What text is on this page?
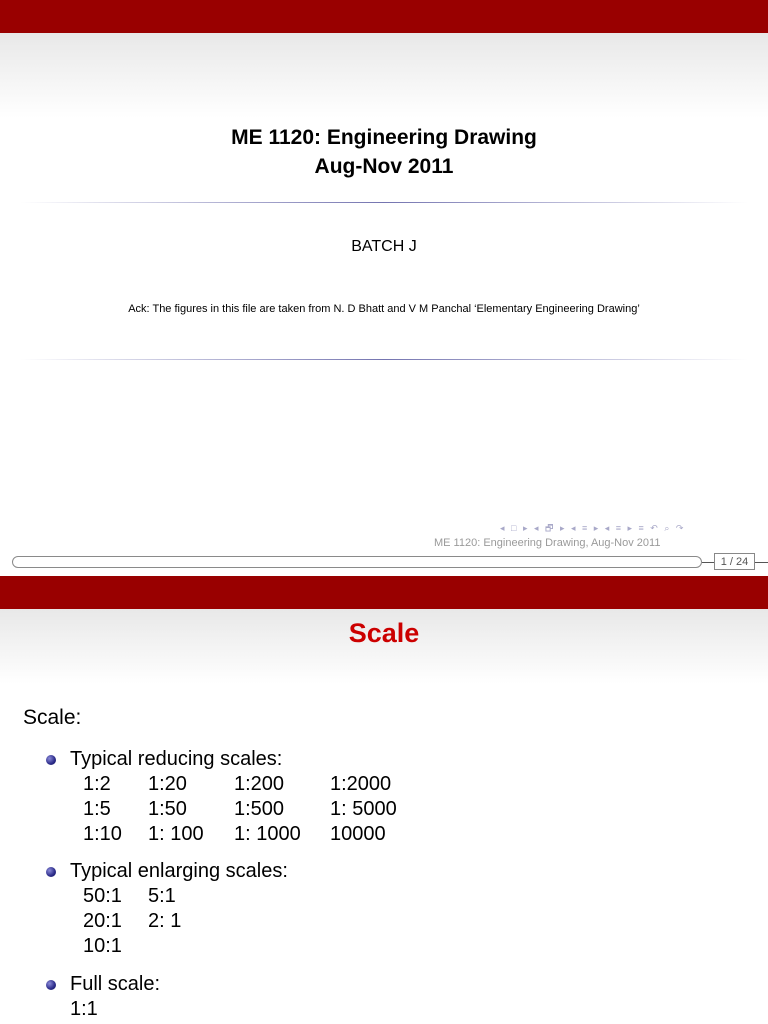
ME 1120: Engineering Drawing
Aug-Nov 2011
BATCH J
Ack: The figures in this file are taken from N. D Bhatt and V M Panchal ‘Elementary Engineering Drawing’
◂ □ ▸ ◂ 🗗 ▸ ◂ ≡ ▸ ◂ ≡ ▸ ≡ ↶ ⌕ ↷
ME 1120: Engineering Drawing, Aug-Nov 2011
1 / 24
Scale
Scale:
Typical reducing scales:
1:2	1:20	1:200	1:2000
1:5	1:50	1:500	1: 5000
1:10	1: 100	1: 1000	10000
Typical enlarging scales:
50:1	5:1
20:1	2: 1
10:1	
Full scale:
1:1
